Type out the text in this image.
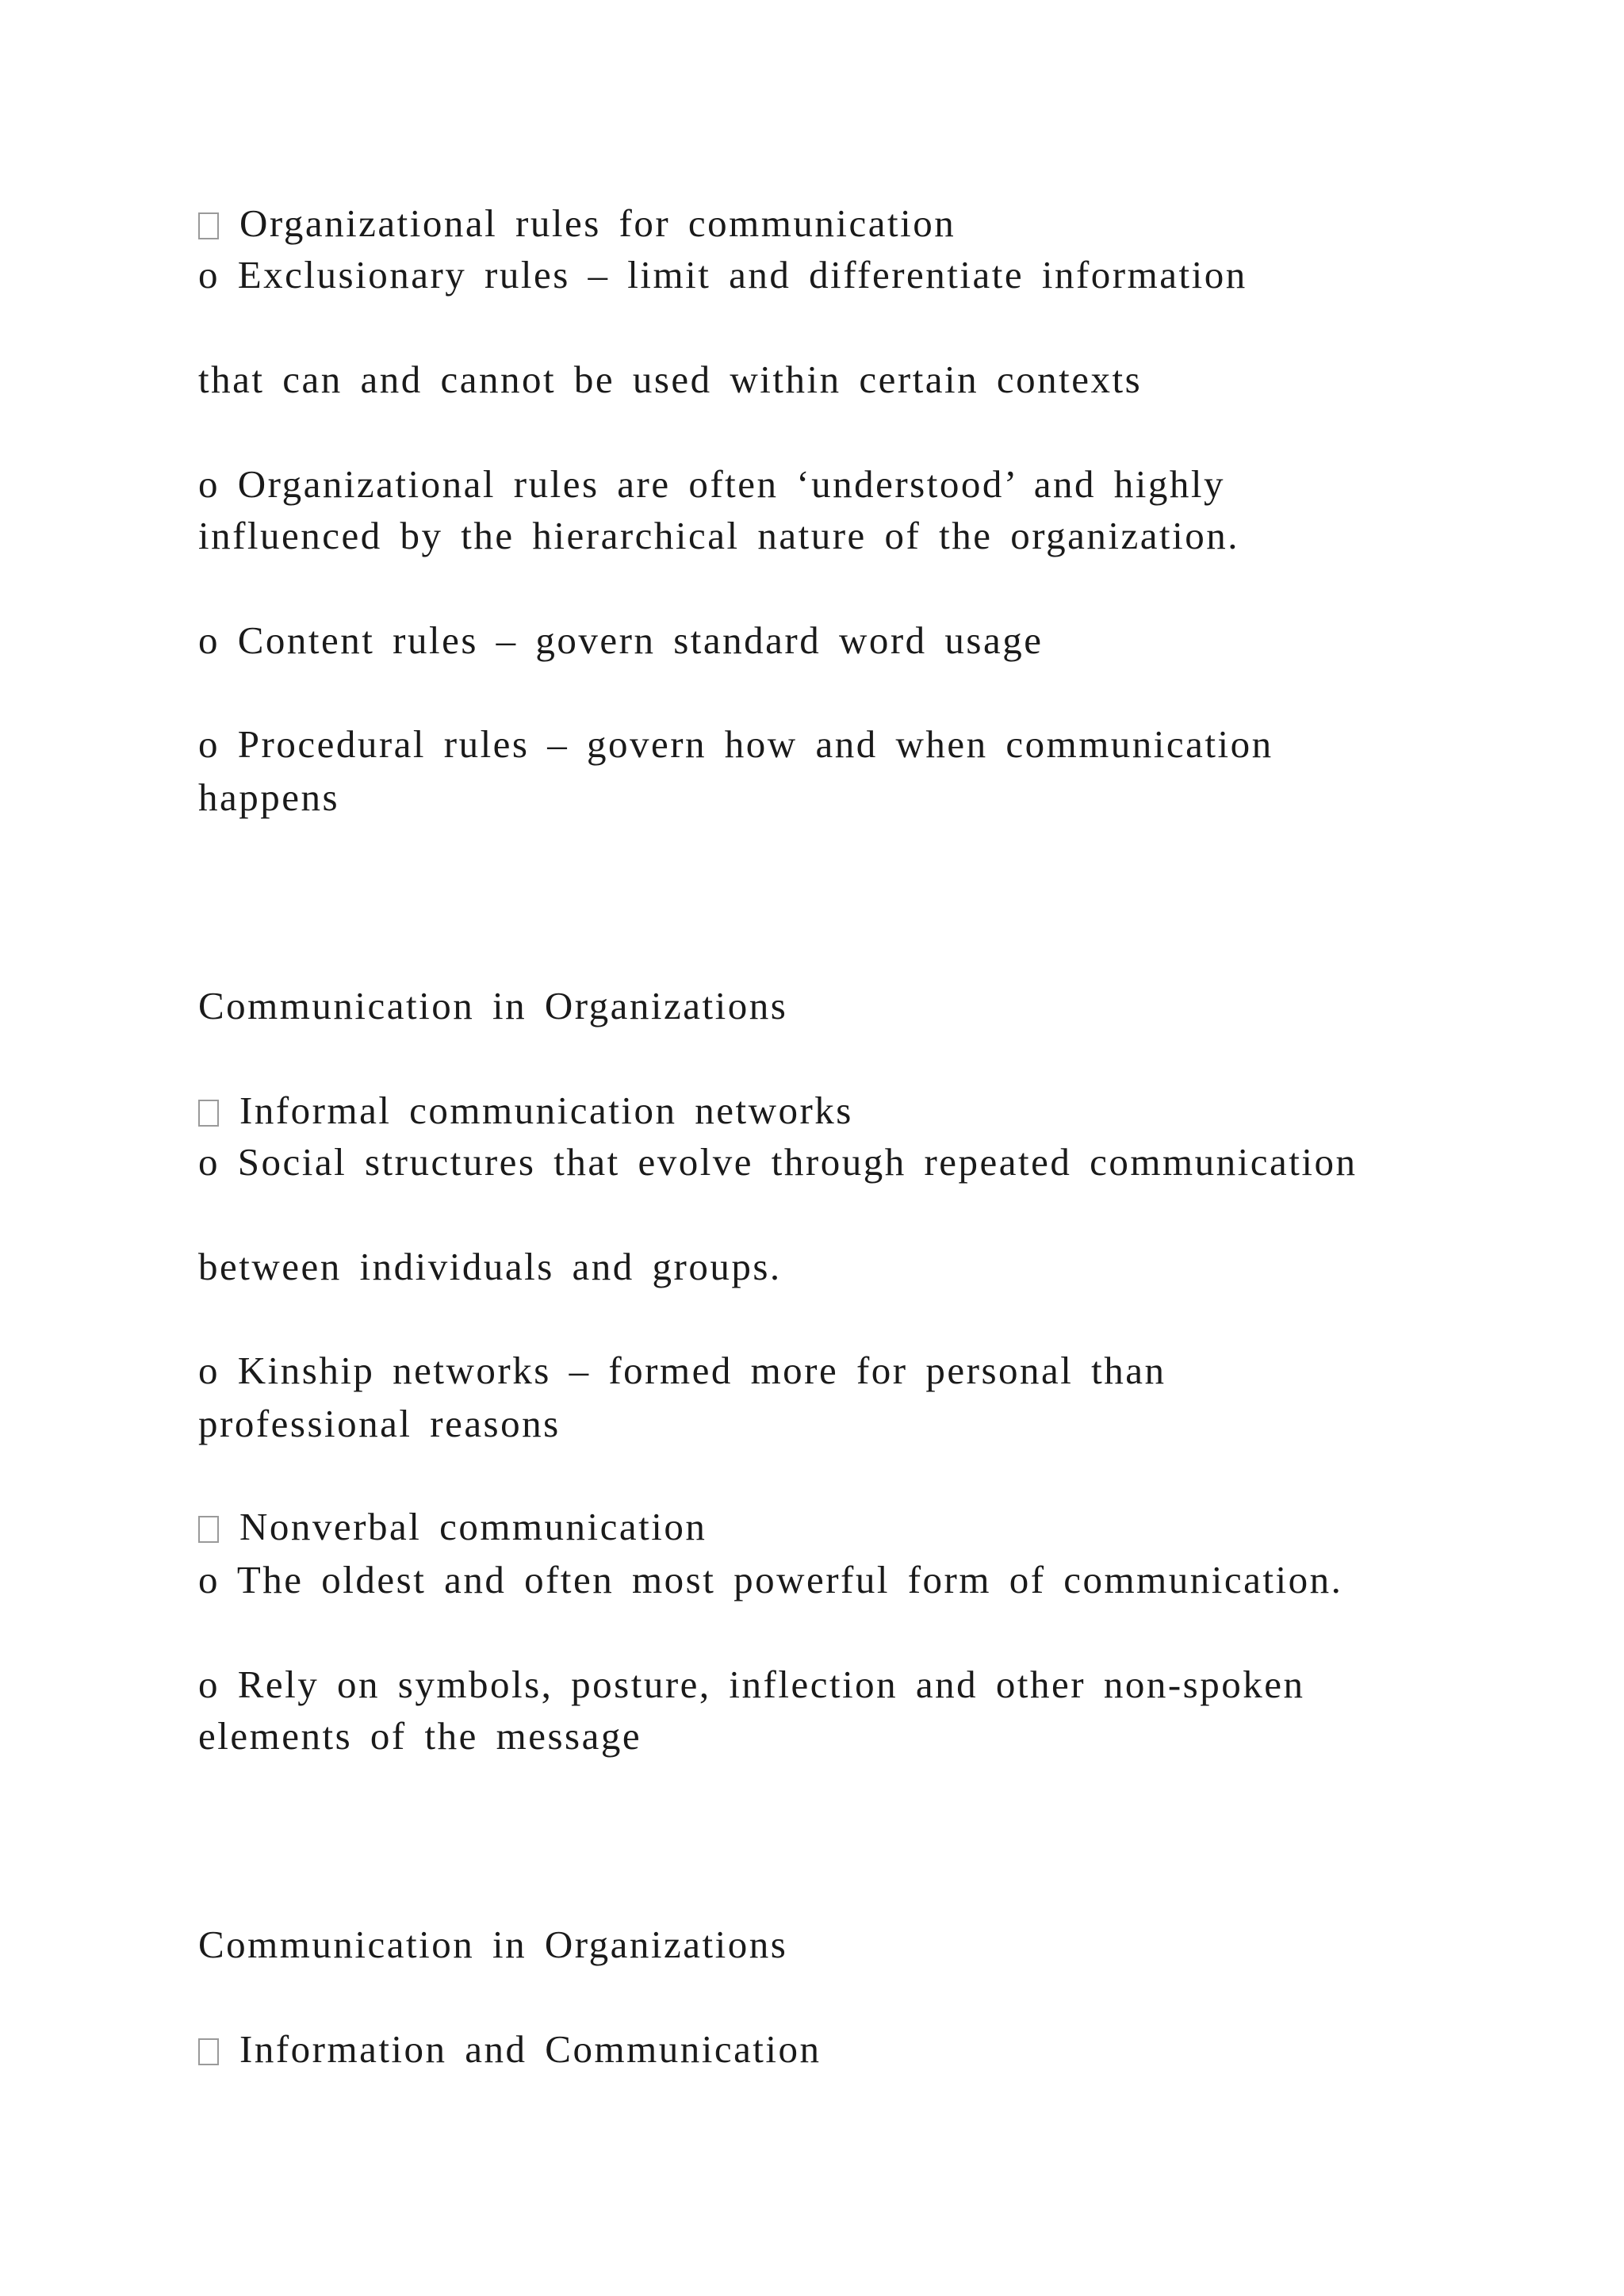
Organizational rules for communication
o Exclusionary rules – limit and differentiate information
that can and cannot be used within certain contexts
o Organizational rules are often ‘understood’ and highly
influenced by the hierarchical nature of the organization.
o Content rules – govern standard word usage
o Procedural rules – govern how and when communication
happens
Communication in Organizations
Informal communication networks
o Social structures that evolve through repeated communication
between individuals and groups.
o Kinship networks – formed more for personal than
professional reasons
Nonverbal communication
o The oldest and often most powerful form of communication.
o Rely on symbols, posture, inflection and other non-spoken
elements of the message
Communication in Organizations
Information and Communication
